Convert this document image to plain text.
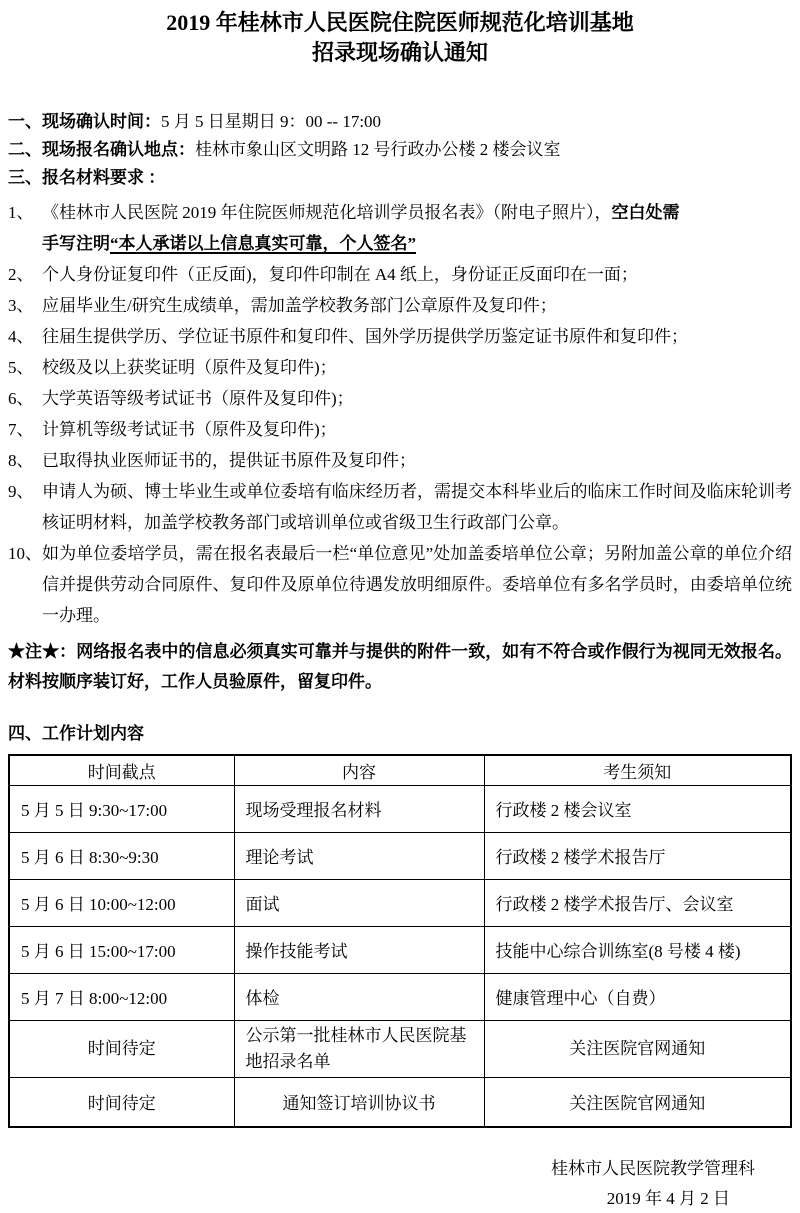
2019 年桂林市人民医院住院医师规范化培训基地
招录现场确认通知
一、现场确认时间：5 月 5 日星期日 9：00 -- 17:00
二、现场报名确认地点：桂林市象山区文明路 12 号行政办公楼 2 楼会议室
三、报名材料要求 ：
1、 《桂林市人民医院 2019 年住院医师规范化培训学员报名表》（附电子照片），空白处需
手写注明“本人承诺以上信息真实可靠，个人签名”
2、 个人身份证复印件（正反面)，复印件印制在 A4 纸上，身份证正反面印在一面；
3、 应届毕业生/研究生成绩单，需加盖学校教务部门公章原件及复印件；
4、 往届生提供学历、学位证书原件和复印件、国外学历提供学历鉴定证书原件和复印件；
5、 校级及以上获奖证明（原件及复印件)；
6、 大学英语等级考试证书（原件及复印件)；
7、 计算机等级考试证书（原件及复印件)；
8、 已取得执业医师证书的，提供证书原件及复印件；
9、 申请人为硕、博士毕业生或单位委培有临床经历者，需提交本科毕业后的临床工作时间及临床轮训考核证明材料，加盖学校教务部门或培训单位或省级卫生行政部门公章。
10、 如为单位委培学员，需在报名表最后一栏“单位意见”处加盖委培单位公章；另附加盖公章的单位介绍信并提供劳动合同原件、复印件及原单位待遇发放明细原件。委培单位有多名学员时，由委培单位统一办理。
★注★：网络报名表中的信息必须真实可靠并与提供的附件一致，如有不符合或作假行为视同无效报名。材料按顺序装订好，工作人员验原件，留复印件。
四、工作计划内容
时间截点	内容	考生须知
5 月 5 日 9:30~17:00	现场受理报名材料	行政楼 2 楼会议室
5 月 6 日 8:30~9:30	理论考试	行政楼 2 楼学术报告厅
5 月 6 日 10:00~12:00	面试	行政楼 2 楼学术报告厅、会议室
5 月 6 日 15:00~17:00	操作技能考试	技能中心综合训练室(8 号楼 4 楼)
5 月 7 日 8:00~12:00	体检	健康管理中心（自费）
时间待定	公示第一批桂林市人民医院基地招录名单	关注医院官网通知
时间待定	通知签订培训协议书	关注医院官网通知
桂林市人民医院教学管理科
2019 年 4 月 2 日
